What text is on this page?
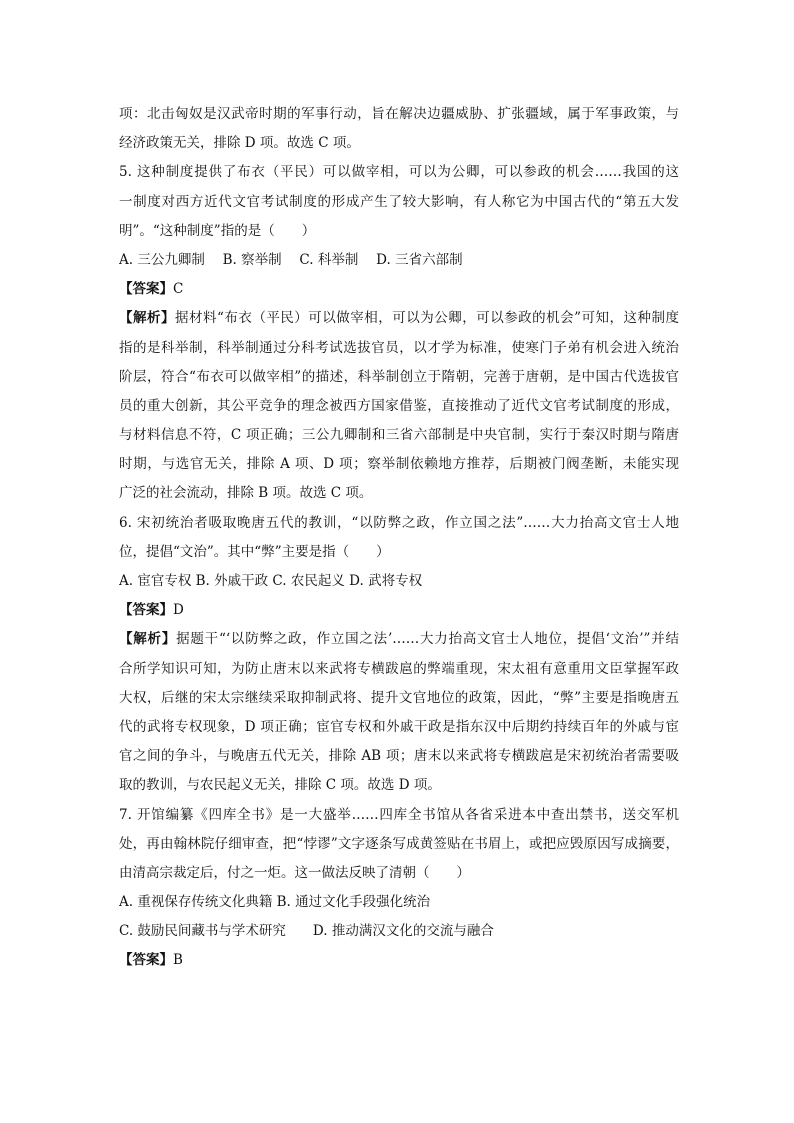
项：北击匈奴是汉武帝时期的军事行动，旨在解决边疆威胁、扩张疆域，属于军事政策，与
经济政策无关，排除 D 项。故选 C 项。
5. 这种制度提供了布衣（平民）可以做宰相，可以为公卿，可以参政的机会……我国的这
一制度对西方近代文官考试制度的形成产生了较大影响，有人称它为中国古代的“第五大发
明”。“这种制度”指的是（　　）
A. 三公九卿制　 B. 察举制　 C. 科举制　 D. 三省六部制
【答案】C
【解析】据材料“布衣（平民）可以做宰相，可以为公卿，可以参政的机会”可知，这种制度
指的是科举制，科举制通过分科考试选拔官员，以才学为标准，使寒门子弟有机会进入统治
阶层，符合“布衣可以做宰相”的描述，科举制创立于隋朝，完善于唐朝，是中国古代选拔官
员的重大创新，其公平竞争的理念被西方国家借鉴，直接推动了近代文官考试制度的形成，
与材料信息不符，C 项正确；三公九卿制和三省六部制是中央官制，实行于秦汉时期与隋唐
时期，与选官无关，排除 A 项、D 项；察举制依赖地方推荐，后期被门阀垄断，未能实现
广泛的社会流动，排除 B 项。故选 C 项。
6. 宋初统治者吸取晚唐五代的教训，“以防弊之政，作立国之法”……大力抬高文官士人地
位，提倡“文治”。其中“弊”主要是指（　　）
A. 宦官专权 B. 外戚干政 C. 农民起义 D. 武将专权
【答案】D
【解析】据题干“‘以防弊之政，作立国之法’……大力抬高文官士人地位，提倡‘文治’”并结
合所学知识可知，为防止唐末以来武将专横跋扈的弊端重现，宋太祖有意重用文臣掌握军政
大权，后继的宋太宗继续采取抑制武将、提升文官地位的政策，因此，“弊”主要是指晚唐五
代的武将专权现象，D 项正确；宦官专权和外戚干政是指东汉中后期约持续百年的外戚与宦
官之间的争斗，与晚唐五代无关，排除 AB 项；唐末以来武将专横跋扈是宋初统治者需要吸
取的教训，与农民起义无关，排除 C 项。故选 D 项。
7. 开馆编纂《四库全书》是一大盛举……四库全书馆从各省采进本中查出禁书，送交军机
处，再由翰林院仔细审查，把“悖谬”文字逐条写成黄签贴在书眉上，或把应毁原因写成摘要，
由清高宗裁定后，付之一炬。这一做法反映了清朝（　　）
A. 重视保存传统文化典籍 B. 通过文化手段强化统治
C. 鼓励民间藏书与学术研究　　D. 推动满汉文化的交流与融合
【答案】B
